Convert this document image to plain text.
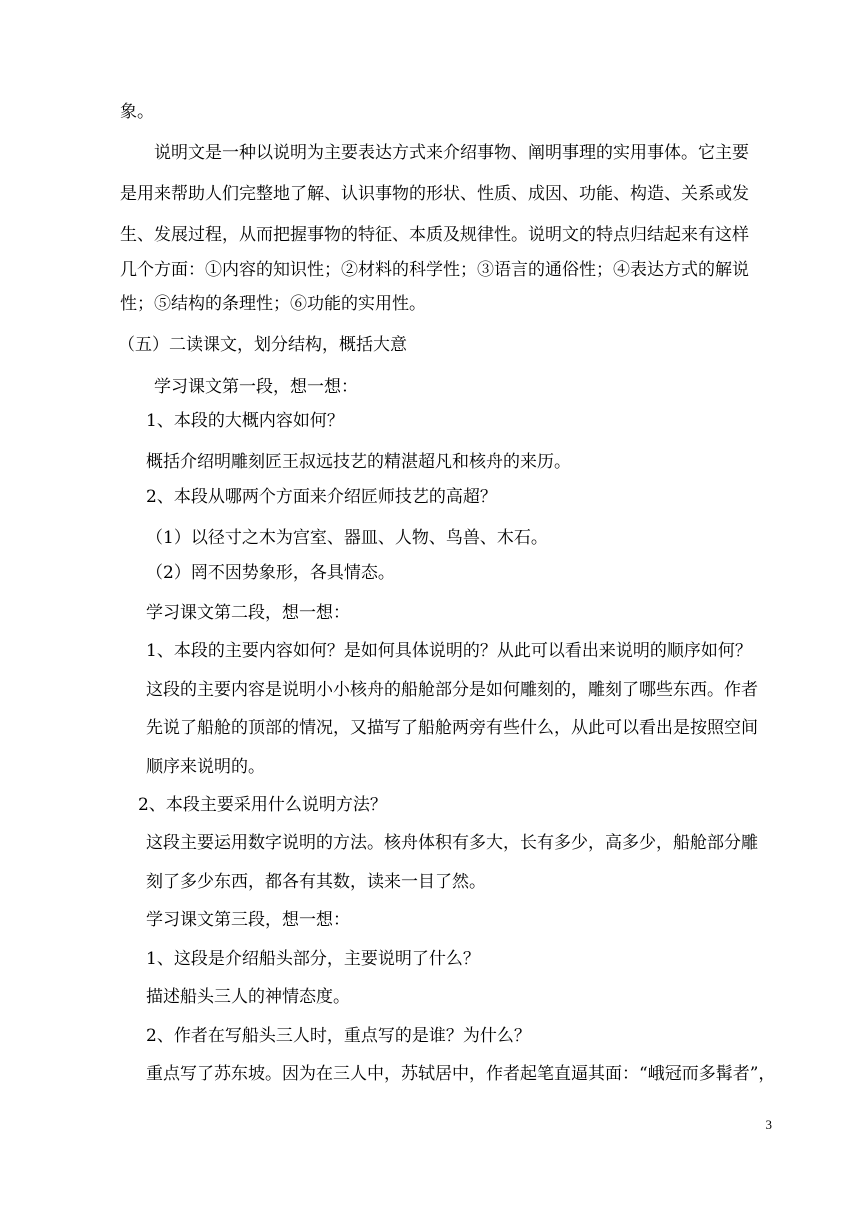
象。
说明文是一种以说明为主要表达方式来介绍事物、阐明事理的实用事体。它主要
是用来帮助人们完整地了解、认识事物的形状、性质、成因、功能、构造、关系或发
生、发展过程，从而把握事物的特征、本质及规律性。说明文的特点归结起来有这样
几个方面：①内容的知识性；②材料的科学性；③语言的通俗性；④表达方式的解说
性；⑤结构的条理性；⑥功能的实用性。
（五）二读课文，划分结构，概括大意
学习课文第一段，想一想：
1、本段的大概内容如何？
概括介绍明雕刻匠王叔远技艺的精湛超凡和核舟的来历。
2、本段从哪两个方面来介绍匠师技艺的高超？
（1）以径寸之木为宫室、器皿、人物、鸟兽、木石。
（2）罔不因势象形，各具情态。
学习课文第二段，想一想：
1、本段的主要内容如何？是如何具体说明的？从此可以看出来说明的顺序如何？
这段的主要内容是说明小小核舟的船舱部分是如何雕刻的，雕刻了哪些东西。作者
先说了船舱的顶部的情况，又描写了船舱两旁有些什么，从此可以看出是按照空间
顺序来说明的。
2、本段主要采用什么说明方法？
这段主要运用数字说明的方法。核舟体积有多大，长有多少，高多少，船舱部分雕
刻了多少东西，都各有其数，读来一目了然。
学习课文第三段，想一想：
1、这段是介绍船头部分，主要说明了什么？
描述船头三人的神情态度。
2、作者在写船头三人时，重点写的是谁？为什么？
重点写了苏东坡。因为在三人中，苏轼居中，作者起笔直逼其面：“峨冠而多髯者”，
3
